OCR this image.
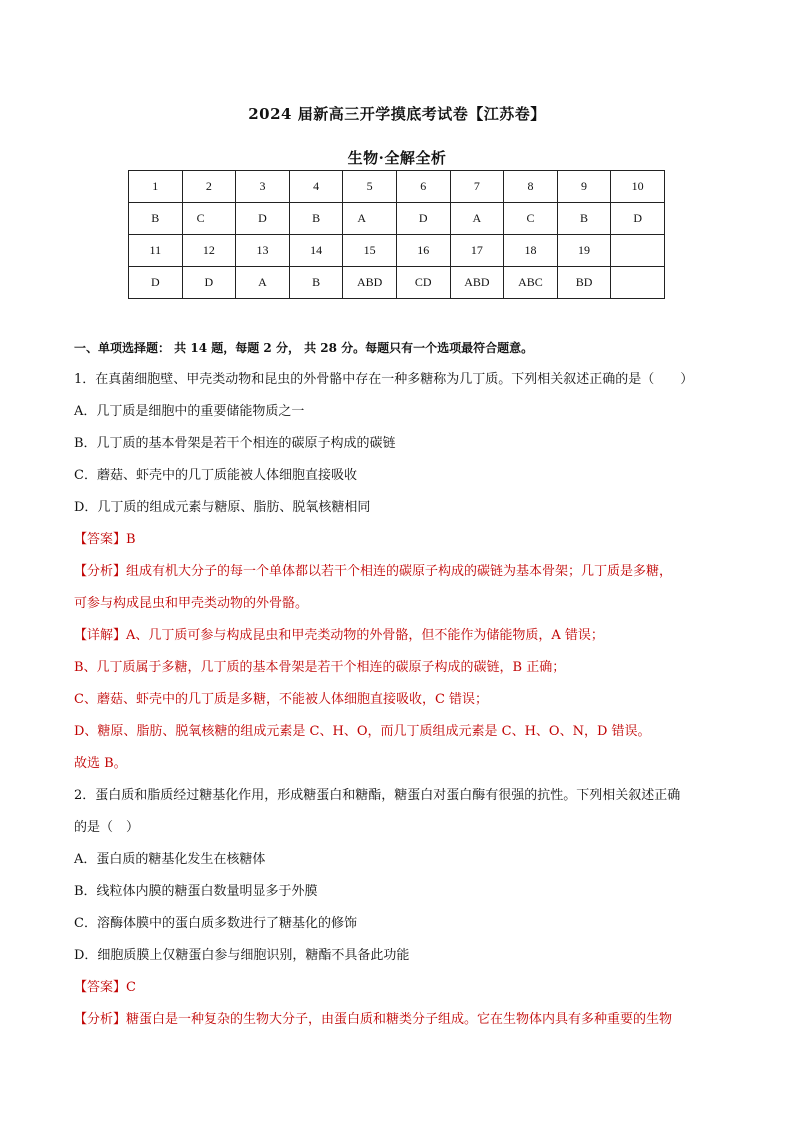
2024 届新高三开学摸底考试卷【江苏卷】
生物·全解全析
1	2	3	4	5	6	7	8	9	10
B	C	D	B	A	D	A	C	B	D
11	12	13	14	15	16	17	18	19	
D	D	A	B	ABD	CD	ABD	ABC	BD	
一、单项选择题： 共 14 题，每题 2 分， 共 28 分。每题只有一个选项最符合题意。
1．在真菌细胞壁、甲壳类动物和昆虫的外骨骼中存在一种多糖称为几丁质。下列相关叙述正确的是（　　）
A．几丁质是细胞中的重要储能物质之一
B．几丁质的基本骨架是若干个相连的碳原子构成的碳链
C．蘑菇、虾壳中的几丁质能被人体细胞直接吸收
D．几丁质的组成元素与糖原、脂肪、脱氧核糖相同
【答案】B
【分析】组成有机大分子的每一个单体都以若干个相连的碳原子构成的碳链为基本骨架；几丁质是多糖，
可参与构成昆虫和甲壳类动物的外骨骼。
【详解】A、几丁质可参与构成昆虫和甲壳类动物的外骨骼，但不能作为储能物质，A 错误；
B、几丁质属于多糖，几丁质的基本骨架是若干个相连的碳原子构成的碳链，B 正确；
C、蘑菇、虾壳中的几丁质是多糖，不能被人体细胞直接吸收，C 错误；
D、糖原、脂肪、脱氧核糖的组成元素是 C、H、O，而几丁质组成元素是 C、H、O、N，D 错误。
故选 B。
2．蛋白质和脂质经过糖基化作用，形成糖蛋白和糖酯，糖蛋白对蛋白酶有很强的抗性。下列相关叙述正确
的是（　）
A．蛋白质的糖基化发生在核糖体
B．线粒体内膜的糖蛋白数量明显多于外膜
C．溶酶体膜中的蛋白质多数进行了糖基化的修饰
D．细胞质膜上仅糖蛋白参与细胞识别，糖酯不具备此功能
【答案】C
【分析】糖蛋白是一种复杂的生物大分子，由蛋白质和糖类分子组成。它在生物体内具有多种重要的生物
